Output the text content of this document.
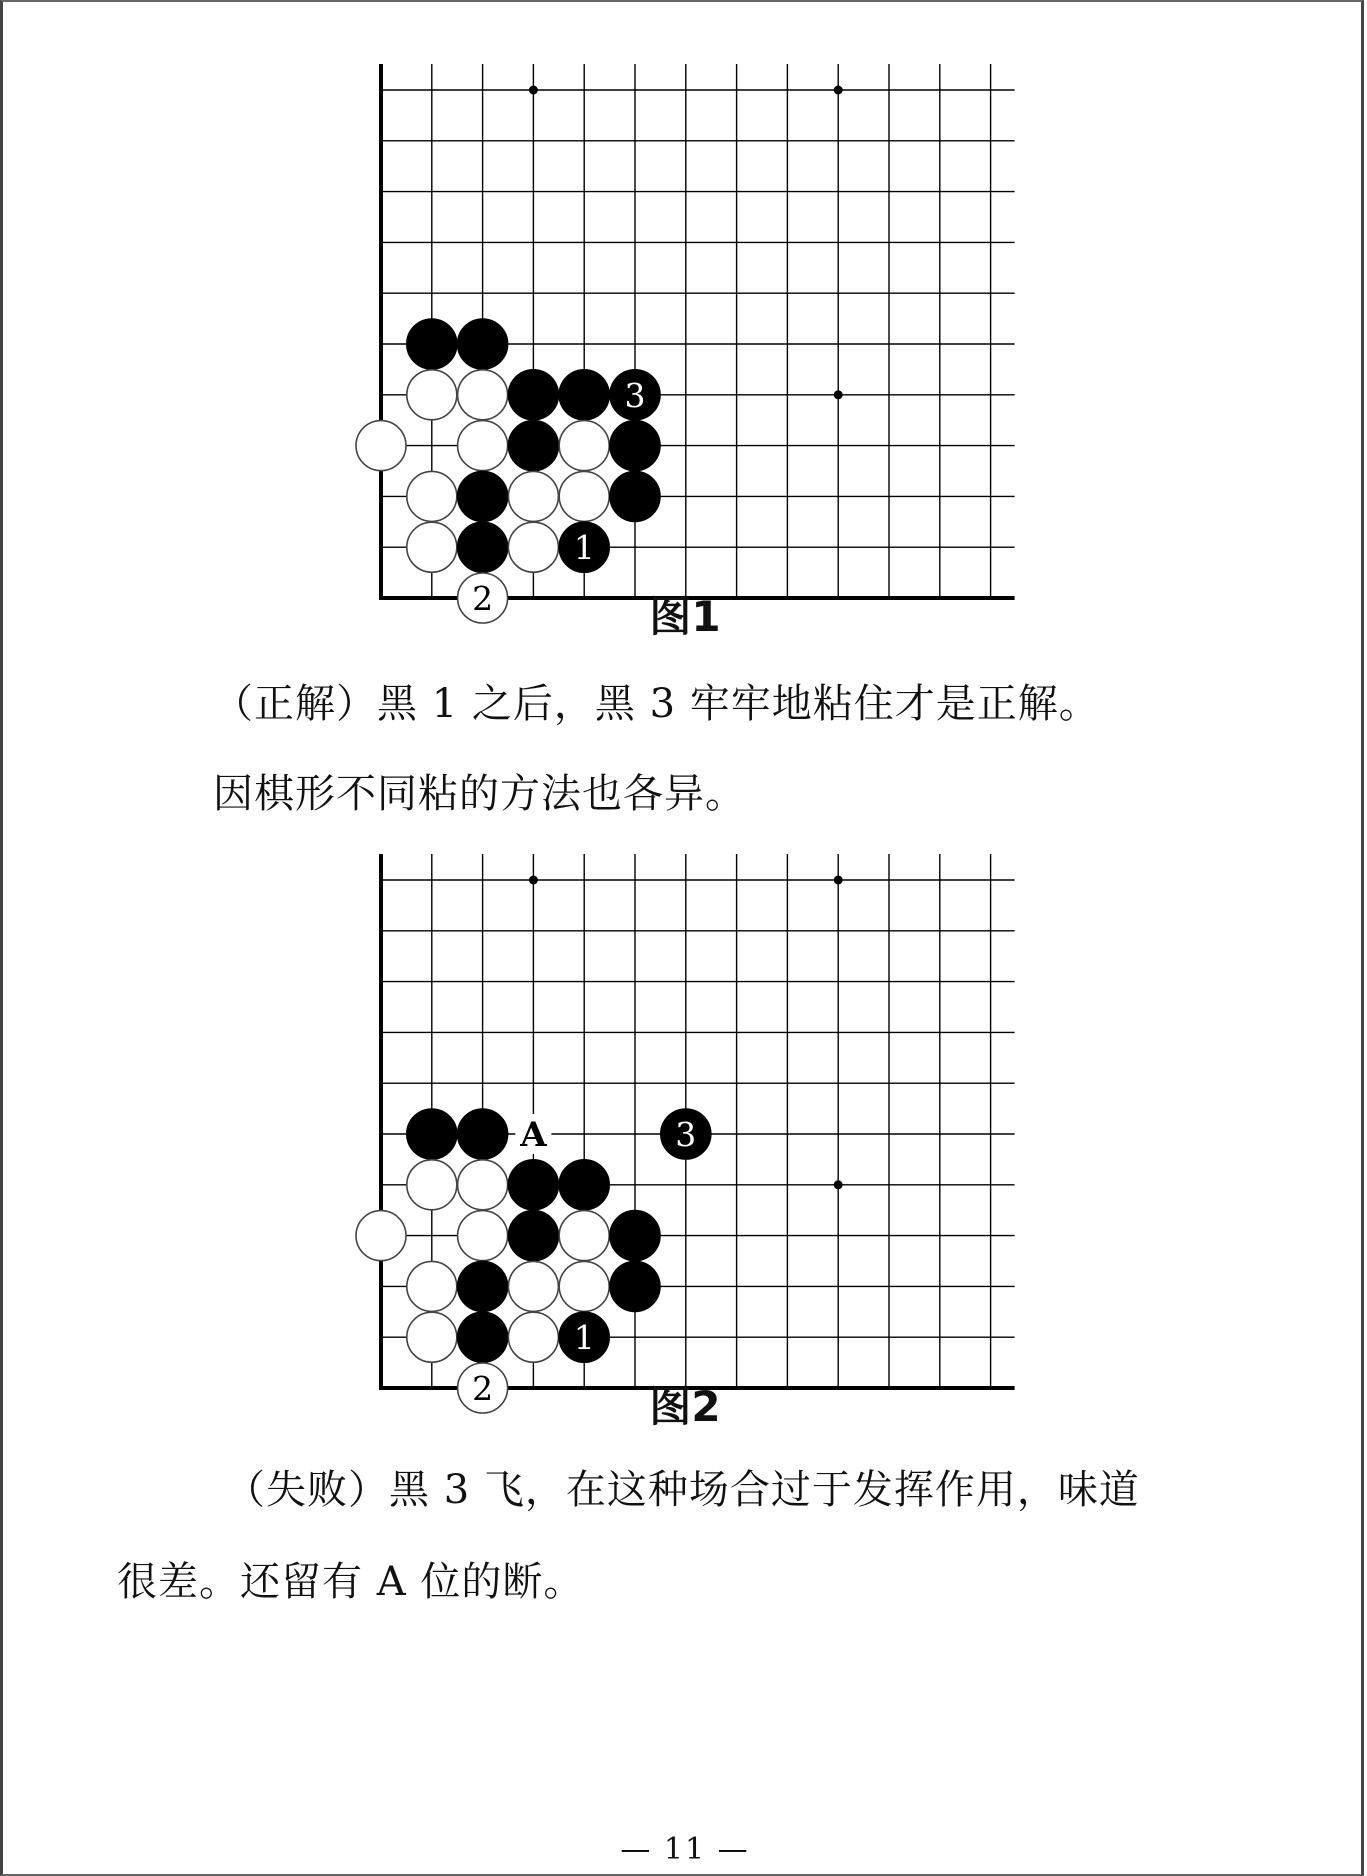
3
1
2	图1

（正解）黑 1 之后，黑 3 牢牢地粘住才是正解。

因棋形不同粘的方法也各异。

A	3
1
2	图2

（失败）黑 3 飞，在这种场合过于发挥作用，味道

很差。还留有 A 位的断。

— 11 —
